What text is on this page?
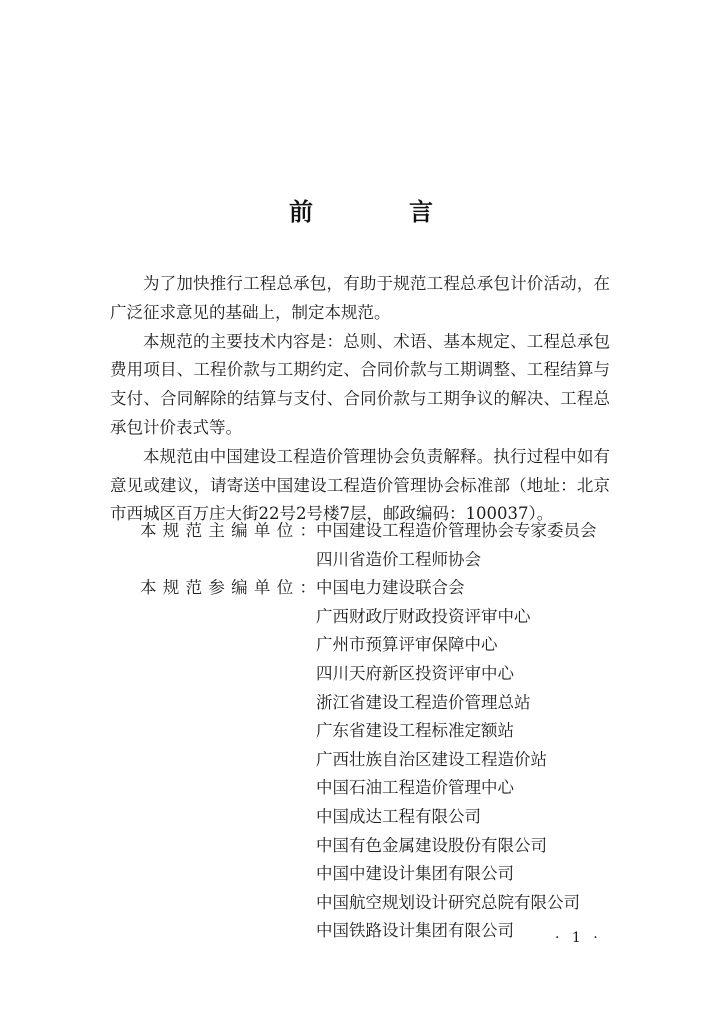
前　言

为了加快推行工程总承包，有助于规范工程总承包计价活动，在广泛征求意见的基础上，制定本规范。

本规范的主要技术内容是：总则、术语、基本规定、工程总承包费用项目、工程价款与工期约定、合同价款与工期调整、工程结算与支付、合同解除的结算与支付、合同价款与工期争议的解决、工程总承包计价表式等。

本规范由中国建设工程造价管理协会负责解释。执行过程中如有意见或建议，请寄送中国建设工程造价管理协会标准部（地址：北京市西城区百万庄大街22号2号楼7层，邮政编码：100037）。

本 规 范 主 编 单 位 ： 中国建设工程造价管理协会专家委员会
四川省造价工程师协会
本 规 范 参 编 单 位 ： 中国电力建设联合会
广西财政厅财政投资评审中心
广州市预算评审保障中心
四川天府新区投资评审中心
浙江省建设工程造价管理总站
广东省建设工程标准定额站
广西壮族自治区建设工程造价站
中国石油工程造价管理中心
中国成达工程有限公司
中国有色金属建设股份有限公司
中国中建设计集团有限公司
中国航空规划设计研究总院有限公司
中国铁路设计集团有限公司	· 1 ·
